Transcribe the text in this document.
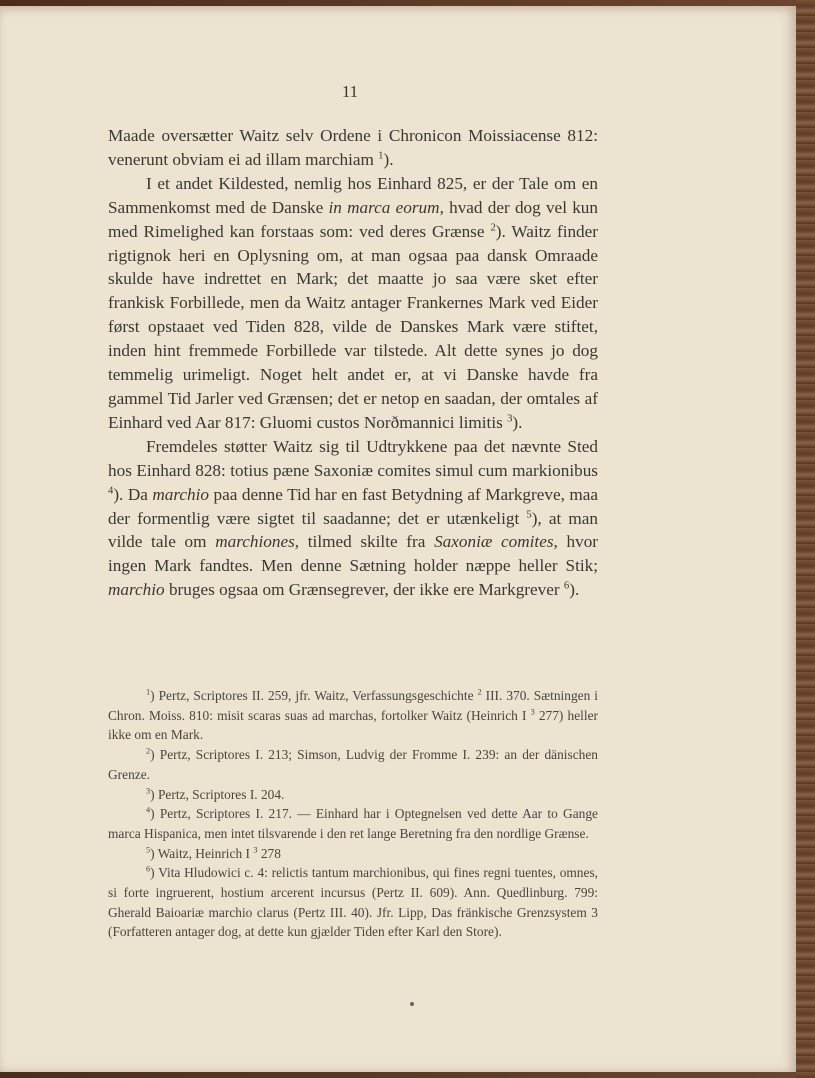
11

Maade oversætter Waitz selv Ordene i Chronicon Moissiacense 812: venerunt obviam ei ad illam marchiam $^1$).

I et andet Kildested, nemlig hos Einhard 825, er der Tale om en Sammenkomst med de Danske in marca eorum, hvad der dog vel kun med Rimelighed kan forstaas som: ved deres Grænse $^2$). Waitz finder rigtignok heri en Oplysning om, at man ogsaa paa dansk Omraade skulde have indrettet en Mark; det maatte jo saa være sket efter frankisk Forbillede, men da Waitz antager Frankernes Mark ved Eider først opstaaet ved Tiden 828, vilde de Danskes Mark være stiftet, inden hint fremmede Forbillede var tilstede. Alt dette synes jo dog temmelig urimeligt. Noget helt andet er, at vi Danske havde fra gammel Tid Jarler ved Grænsen; det er netop en saadan, der omtales af Einhard ved Aar 817: Gluomi custos Norðmannici limitis $^3$).

Fremdeles støtter Waitz sig til Udtrykkene paa det nævnte Sted hos Einhard 828: totius pæne Saxoniæ comites simul cum markionibus $^4$). Da marchio paa denne Tid har en fast Betydning af Markgreve, maa der formentlig være sigtet til saadanne; det er utænkeligt $^5$), at man vilde tale om marchiones, tilmed skilte fra Saxoniæ comites, hvor ingen Mark fandtes. Men denne Sætning holder næppe heller Stik; marchio bruges ogsaa om Grænsegrever, der ikke ere Markgrever $^6$).

$^1$) Pertz, Scriptores II. 259, jfr. Waitz, Verfassungsgeschichte $^2$ III. 370. Sætningen i Chron. Moiss. 810: misit scaras suas ad marchas, fortolker Waitz (Heinrich I $^3$ 277) heller ikke om en Mark.

$^2$) Pertz, Scriptores I. 213; Simson, Ludvig der Fromme I. 239: an der dänischen Grenze.

$^3$) Pertz, Scriptores I. 204.

$^4$) Pertz, Scriptores I. 217. — Einhard har i Optegnelsen ved dette Aar to Gange marca Hispanica, men intet tilsvarende i den ret lange Beretning fra den nordlige Grænse.

$^5$) Waitz, Heinrich I $^3$ 278

$^6$) Vita Hludowici c. 4: relictis tantum marchionibus, qui fines regni tuentes, omnes, si forte ingruerent, hostium arcerent incursus (Pertz II. 609). Ann. Quedlinburg. 799: Gherald Baioariæ marchio clarus (Pertz III. 40). Jfr. Lipp, Das fränkische Grenzsystem 3 (Forfatteren antager dog, at dette kun gjælder Tiden efter Karl den Store).
